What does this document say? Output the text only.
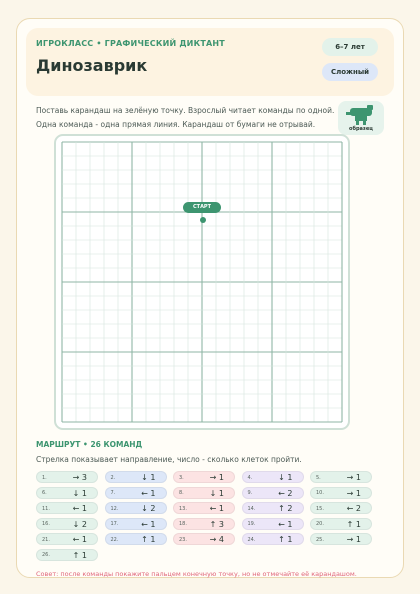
ИГРОКЛАСС • ГРАФИЧЕСКИЙ ДИКТАНТ
Динозаврик
6–7 лет
Сложный
Поставь карандаш на зелёную точку. Взрослый читает команды по одной.
Одна команда - одна прямая линия. Карандаш от бумаги не отрывай.	образец
СТАРТ
МАРШРУТ • 26 КОМАНД
Стрелка показывает направление, число - сколько клеток пройти.
1.	→ 3	2.	↓ 1	3.	→ 1	4.	↓ 1	5.	→ 1
6.	↓ 1	7.	← 1	8.	↓ 1	9.	← 2	10.	→ 1
11.	← 1	12.	↓ 2	13.	← 1	14.	↑ 2	15.	← 2
16.	↓ 2	17.	← 1	18.	↑ 3	19.	← 1	20.	↑ 1
21.	← 1	22.	↑ 1	23.	→ 4	24.	↑ 1	25.	→ 1
26.	↑ 1
Совет: после команды покажите пальцем конечную точку, но не отмечайте её карандашом.
